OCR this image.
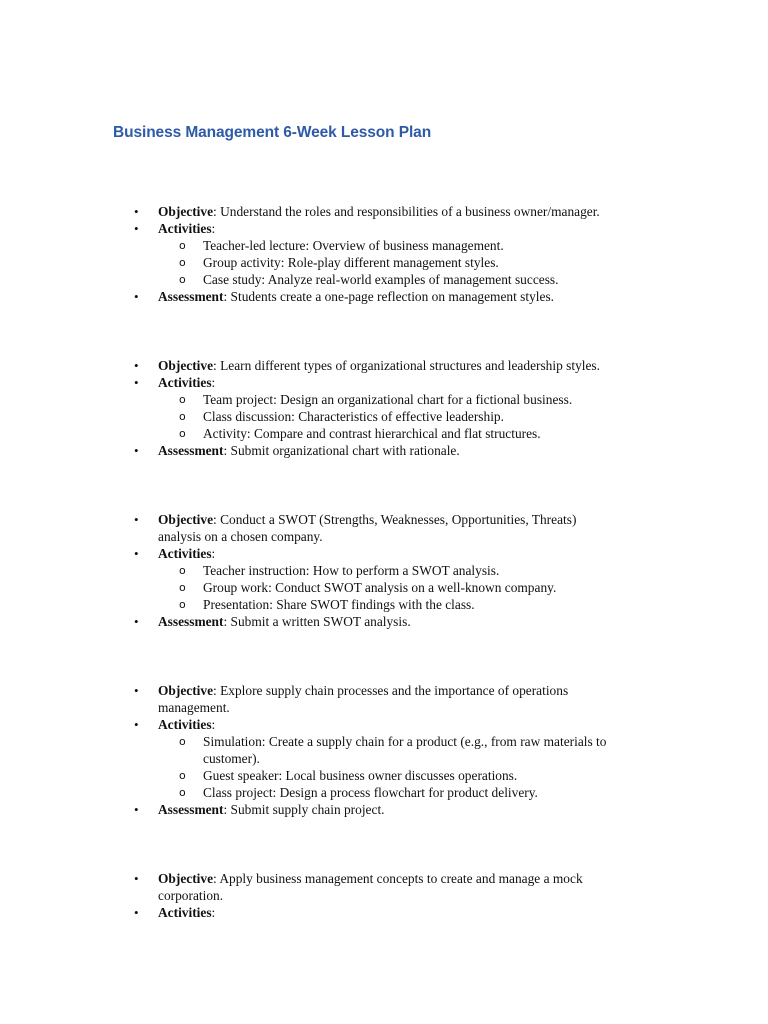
Business Management 6-Week Lesson Plan
• Objective: Understand the roles and responsibilities of a business owner/manager.
• Activities:
o Teacher-led lecture: Overview of business management.
o Group activity: Role-play different management styles.
o Case study: Analyze real-world examples of management success.
• Assessment: Students create a one-page reflection on management styles.
• Objective: Learn different types of organizational structures and leadership styles.
• Activities:
o Team project: Design an organizational chart for a fictional business.
o Class discussion: Characteristics of effective leadership.
o Activity: Compare and contrast hierarchical and flat structures.
• Assessment: Submit organizational chart with rationale.
• Objective: Conduct a SWOT (Strengths, Weaknesses, Opportunities, Threats)
analysis on a chosen company.
• Activities:
o Teacher instruction: How to perform a SWOT analysis.
o Group work: Conduct SWOT analysis on a well-known company.
o Presentation: Share SWOT findings with the class.
• Assessment: Submit a written SWOT analysis.
• Objective: Explore supply chain processes and the importance of operations
management.
• Activities:
o Simulation: Create a supply chain for a product (e.g., from raw materials to
customer).
o Guest speaker: Local business owner discusses operations.
o Class project: Design a process flowchart for product delivery.
• Assessment: Submit supply chain project.
• Objective: Apply business management concepts to create and manage a mock
corporation.
• Activities:
